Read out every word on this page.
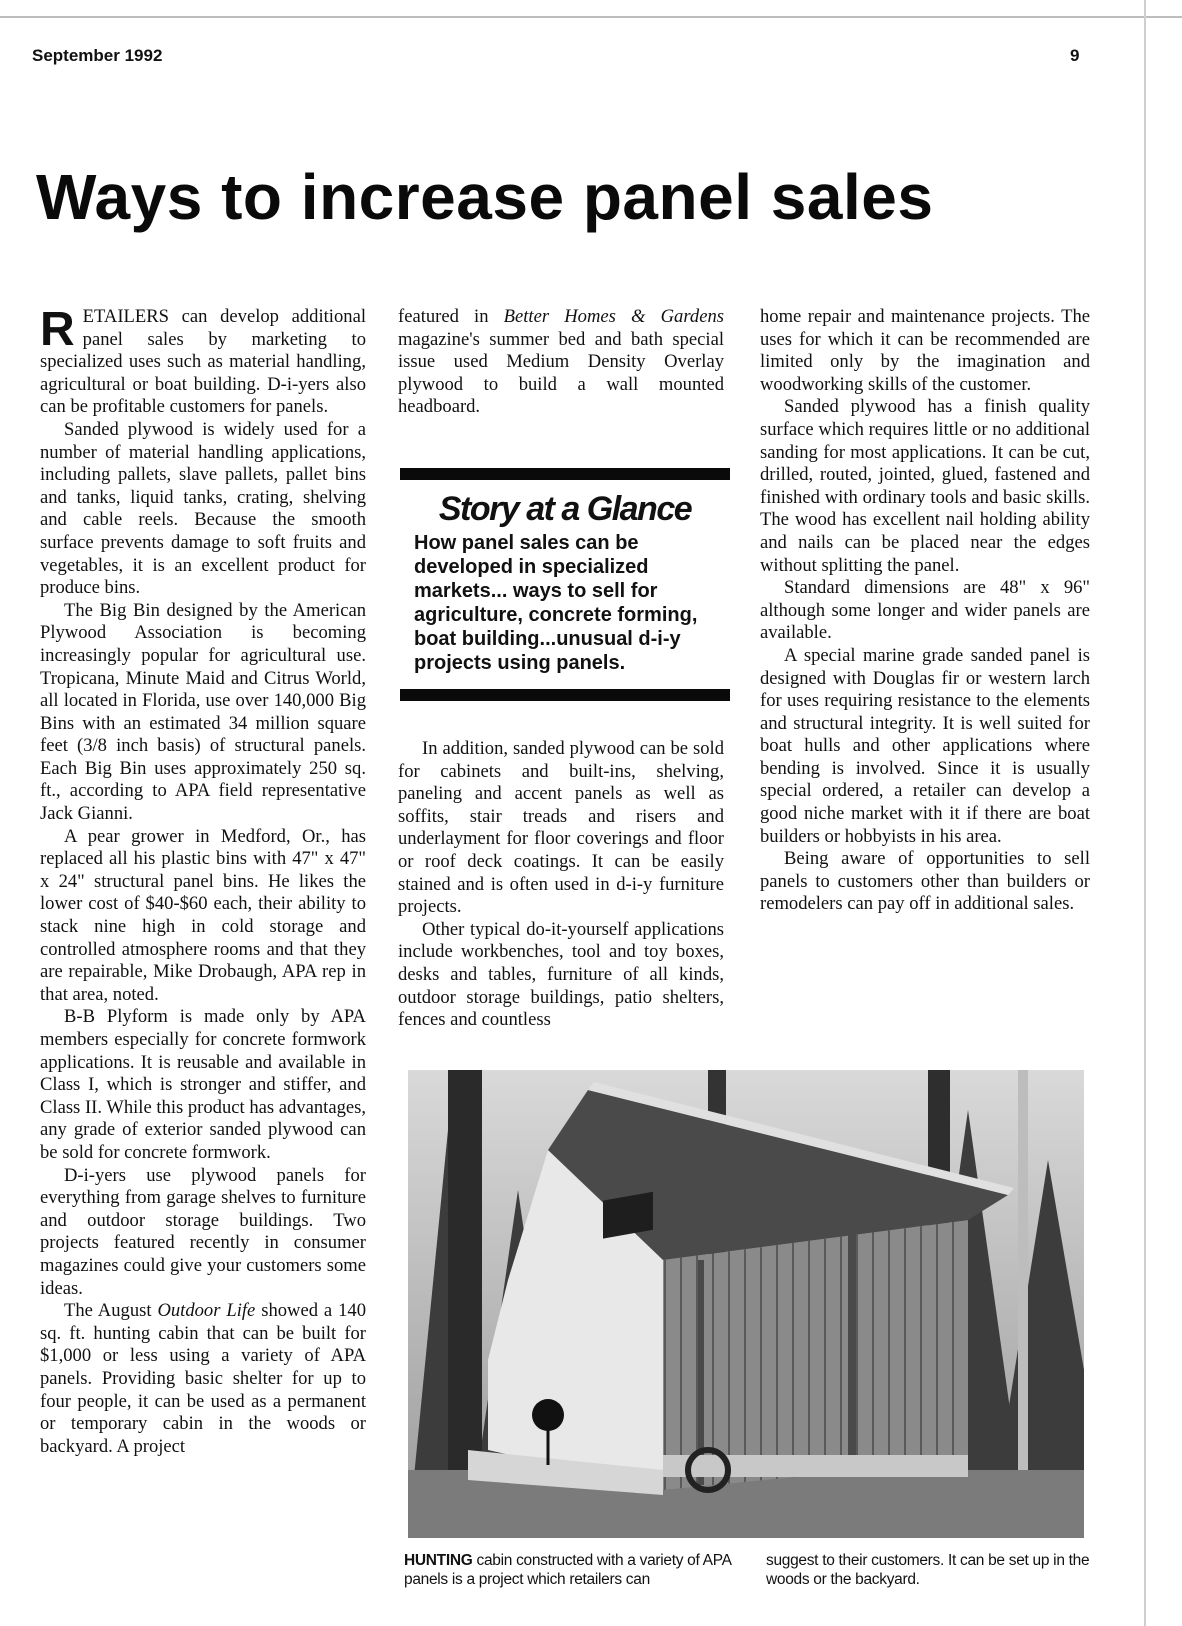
September 1992	9
Ways to increase panel sales

RETAILERS can develop additional panel sales by marketing to specialized uses such as material handling, agricultural or boat building. D-i-yers also can be profitable customers for panels.

Sanded plywood is widely used for a number of material handling applications, including pallets, slave pallets, pallet bins and tanks, liquid tanks, crating, shelving and cable reels. Because the smooth surface prevents damage to soft fruits and vegetables, it is an excellent product for produce bins.

The Big Bin designed by the American Plywood Association is becoming increasingly popular for agricultural use. Tropicana, Minute Maid and Citrus World, all located in Florida, use over 140,000 Big Bins with an estimated 34 million square feet (3/8 inch basis) of structural panels. Each Big Bin uses approximately 250 sq. ft., according to APA field representative Jack Gianni.

A pear grower in Medford, Or., has replaced all his plastic bins with 47" x 47" x 24" structural panel bins. He likes the lower cost of $40-$60 each, their ability to stack nine high in cold storage and controlled atmosphere rooms and that they are repairable, Mike Drobaugh, APA rep in that area, noted.

B-B Plyform is made only by APA members especially for concrete formwork applications. It is reusable and available in Class I, which is stronger and stiffer, and Class II. While this product has advantages, any grade of exterior sanded plywood can be sold for concrete formwork.

D-i-yers use plywood panels for everything from garage shelves to furniture and outdoor storage buildings. Two projects featured recently in consumer magazines could give your customers some ideas.

The August Outdoor Life showed a 140 sq. ft. hunting cabin that can be built for $1,000 or less using a variety of APA panels. Providing basic shelter for up to four people, it can be used as a permanent or temporary cabin in the woods or backyard. A project

featured in Better Homes & Gardens magazine's summer bed and bath special issue used Medium Density Overlay plywood to build a wall mounted headboard.

Story at a Glance
How panel sales can be developed in specialized markets... ways to sell for agriculture, concrete forming, boat building...unusual d-i-y projects using panels.

In addition, sanded plywood can be sold for cabinets and built-ins, shelving, paneling and accent panels as well as soffits, stair treads and risers and underlayment for floor coverings and floor or roof deck coatings. It can be easily stained and is often used in d-i-y furniture projects.

Other typical do-it-yourself applications include workbenches, tool and toy boxes, desks and tables, furniture of all kinds, outdoor storage buildings, patio shelters, fences and countless

home repair and maintenance projects. The uses for which it can be recommended are limited only by the imagination and woodworking skills of the customer.

Sanded plywood has a finish quality surface which requires little or no additional sanding for most applications. It can be cut, drilled, routed, jointed, glued, fastened and finished with ordinary tools and basic skills. The wood has excellent nail holding ability and nails can be placed near the edges without splitting the panel.

Standard dimensions are 48" x 96" although some longer and wider panels are available.

A special marine grade sanded panel is designed with Douglas fir or western larch for uses requiring resistance to the elements and structural integrity. It is well suited for boat hulls and other applications where bending is involved. Since it is usually special ordered, a retailer can develop a good niche market with it if there are boat builders or hobbyists in his area.

Being aware of opportunities to sell panels to customers other than builders or remodelers can pay off in additional sales.

HUNTING cabin constructed with a variety of APA panels is a project which retailers can
suggest to their customers. It can be set up in the woods or the backyard.
